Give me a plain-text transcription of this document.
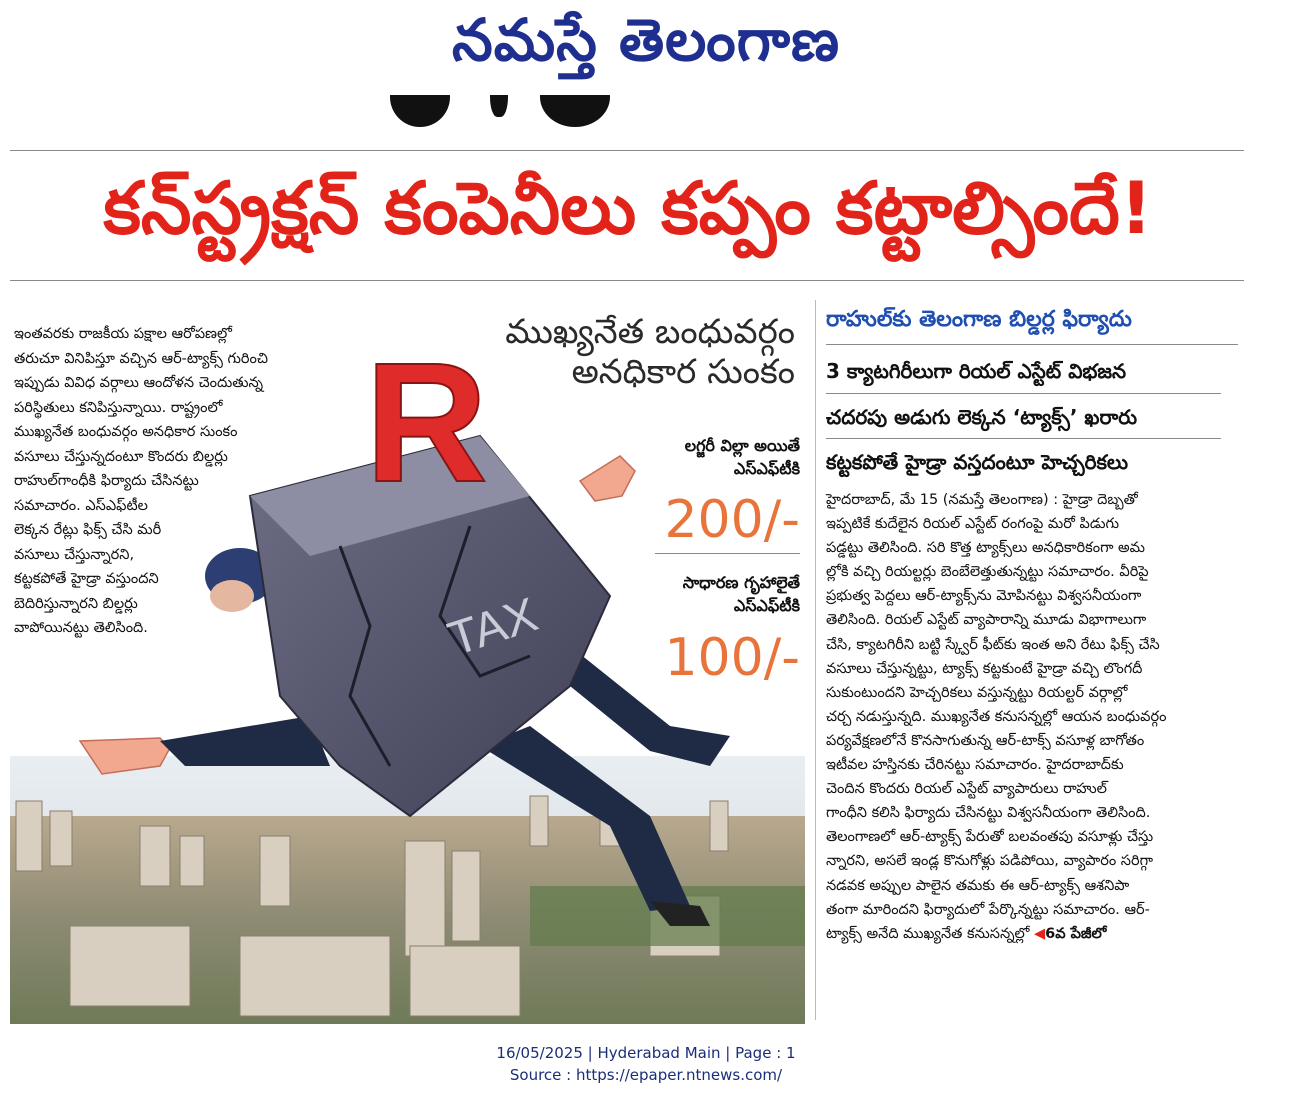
నమస్తే తెలంగాణ
కన్‌స్ట్రక్షన్ కంపెనీలు కప్పం కట్టాల్సిందే!
TAX
R

ఇంతవరకు రాజకీయ పక్షాల ఆరోపణల్లో

తరుచూ వినిపిస్తూ వచ్చిన ఆర్-ట్యాక్స్ గురించి

ఇప్పుడు వివిధ వర్గాలు ఆందోళన చెందుతున్న

పరిస్థితులు కనిపిస్తున్నాయి. రాష్ట్రంలో

ముఖ్యనేత బంధువర్గం అనధికార సుంకం

వసూలు చేస్తున్నదంటూ కొందరు బిల్డర్లు

రాహుల్‌గాంధీకి ఫిర్యాదు చేసినట్టు

సమాచారం. ఎస్ఎఫ్‌టీల

లెక్కన రేట్లు ఫిక్స్ చేసి మరీ

వసూలు చేస్తున్నారని,

కట్టకపోతే హైడ్రా వస్తుందని

బెదిరిస్తున్నారని బిల్డర్లు

వాపోయినట్టు తెలిసింది.

ముఖ్యనేత బంధువర్గం
అనధికార సుంకం
లగ్జరీ విల్లా అయితే
ఎస్ఎఫ్‌టీకి
200/-
సాధారణ గృహాలైతే
ఎస్ఎఫ్‌టీకి
100/-
రాహుల్‌కు తెలంగాణ బిల్డర్ల ఫిర్యాదు
3 క్యాటగిరీలుగా రియల్ ఎస్టేట్ విభజన
చదరపు అడుగు లెక్కన ‘ట్యాక్స్’ ఖరారు
కట్టకపోతే హైడ్రా వస్తదంటూ హెచ్చరికలు

హైదరాబాద్, మే 15 (నమస్తే తెలంగాణ) : హైడ్రా దెబ్బతో

ఇప్పటికే కుదేలైన రియల్ ఎస్టేట్ రంగంపై మరో పిడుగు

పడ్డట్టు తెలిసింది. సరి కొత్త ట్యాక్స్‌లు అనధికారికంగా అమ

ల్లోకి వచ్చి రియల్టర్లు బెంబేలెత్తుతున్నట్టు సమాచారం. వీరిపై

ప్రభుత్వ పెద్దలు ఆర్-ట్యాక్స్‌ను మోపినట్టు విశ్వసనీయంగా

తెలిసింది. రియల్ ఎస్టేట్ వ్యాపారాన్ని మూడు విభాగాలుగా

చేసి, క్యాటగిరీని బట్టి స్క్వేర్ ఫీట్‌కు ఇంత అని రేటు ఫిక్స్ చేసి

వసూలు చేస్తున్నట్టు, ట్యాక్స్ కట్టకుంటే హైడ్రా వచ్చి లొంగదీ

సుకుంటుందని హెచ్చరికలు వస్తున్నట్టు రియల్టర్ వర్గాల్లో

చర్చ నడుస్తున్నది. ముఖ్యనేత కనుసన్నల్లో ఆయన బంధువర్గం

పర్యవేక్షణలోనే కొనసాగుతున్న ఆర్-టాక్స్ వసూళ్ల బాగోతం

ఇటీవల హస్తినకు చేరినట్టు సమాచారం. హైదరాబాద్‌కు

చెందిన కొందరు రియల్ ఎస్టేట్ వ్యాపారులు రాహుల్

గాంధీని కలిసి ఫిర్యాదు చేసినట్టు విశ్వసనీయంగా తెలిసింది.

తెలంగాణలో ఆర్-ట్యాక్స్ పేరుతో బలవంతపు వసూళ్లు చేస్తు

న్నారని, అసలే ఇండ్ల కొనుగోళ్లు పడిపోయి, వ్యాపారం సరిగ్గా

నడవక అప్పుల పాలైన తమకు ఈ ఆర్-ట్యాక్స్ ఆశనిపా

తంగా మారిందని ఫిర్యాదులో పేర్కొన్నట్టు సమాచారం. ఆర్-

ట్యాక్స్ అనేది ముఖ్యనేత కనుసన్నల్లో ◀6వ పేజీలో

16/05/2025 | Hyderabad Main | Page : 1
Source : https://epaper.ntnews.com/
